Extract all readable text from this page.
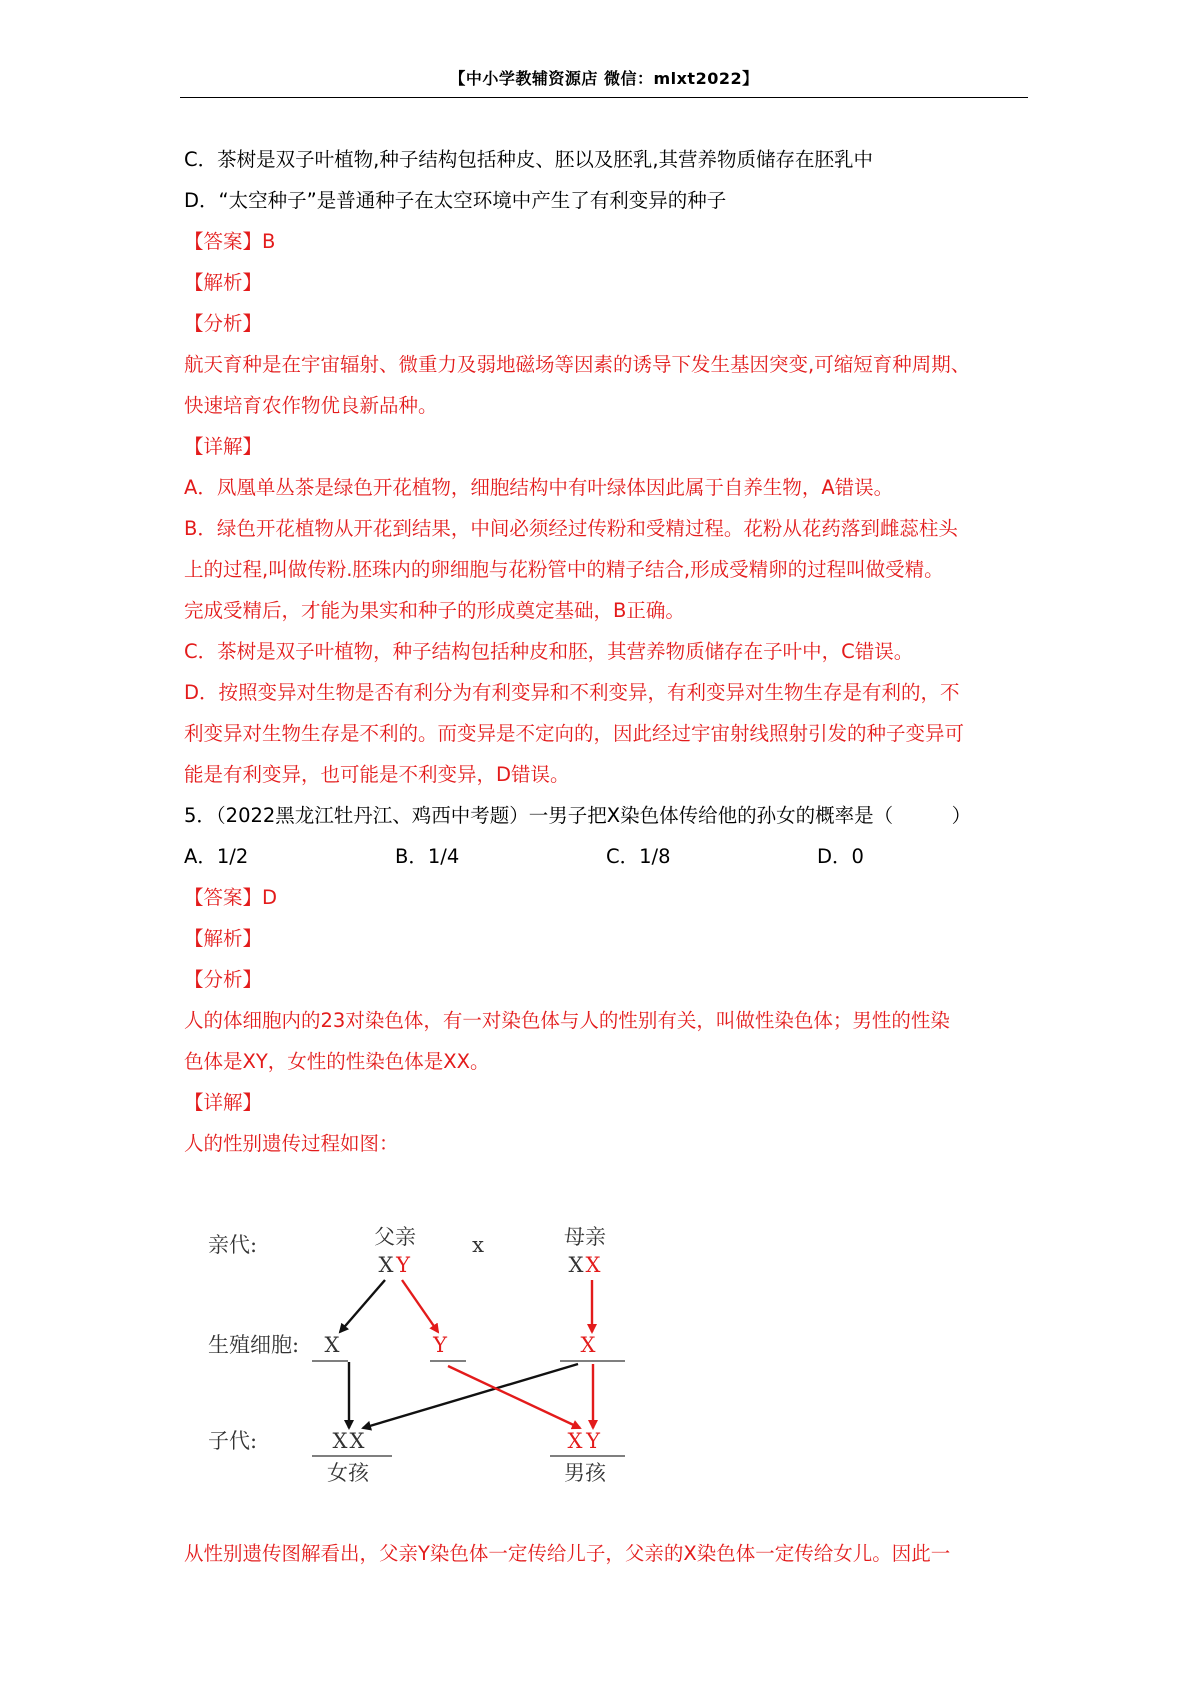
【中小学教辅资源店 微信：mlxt2022】
C．茶树是双子叶植物,种子结构包括种皮、胚以及胚乳,其营养物质储存在胚乳中
D．“太空种子”是普通种子在太空环境中产生了有利变异的种子
【答案】B
【解析】
【分析】
航天育种是在宇宙辐射、微重力及弱地磁场等因素的诱导下发生基因突变,可缩短育种周期、
快速培育农作物优良新品种。
【详解】
A．凤凰单丛茶是绿色开花植物，细胞结构中有叶绿体因此属于自养生物，A错误。
B．绿色开花植物从开花到结果，中间必须经过传粉和受精过程。花粉从花药落到雌蕊柱头
上的过程,叫做传粉.胚珠内的卵细胞与花粉管中的精子结合,形成受精卵的过程叫做受精。
完成受精后，才能为果实和种子的形成奠定基础，B正确。
C．茶树是双子叶植物，种子结构包括种皮和胚，其营养物质储存在子叶中，C错误。
D．按照变异对生物是否有利分为有利变异和不利变异，有利变异对生物生存是有利的，不
利变异对生物生存是不利的。而变异是不定向的，因此经过宇宙射线照射引发的种子变异可
能是有利变异，也可能是不利变异，D错误。
5．（2022黑龙江牡丹江、鸡西中考题）一男子把X染色体传给他的孙女的概率是（　　　）
A．1/2	B．1/4	C．1/8	D．0
【答案】D
【解析】
【分析】
人的体细胞内的23对染色体，有一对染色体与人的性别有关，叫做性染色体；男性的性染
色体是XY，女性的性染色体是XX。
【详解】
人的性别遗传过程如图：
亲代:
生殖细胞:
子代:
父亲	x	母亲
X Y	X X
X	Y	X
X X	X Y
女孩	男孩
从性别遗传图解看出，父亲Y染色体一定传给儿子，父亲的X染色体一定传给女儿。因此一
